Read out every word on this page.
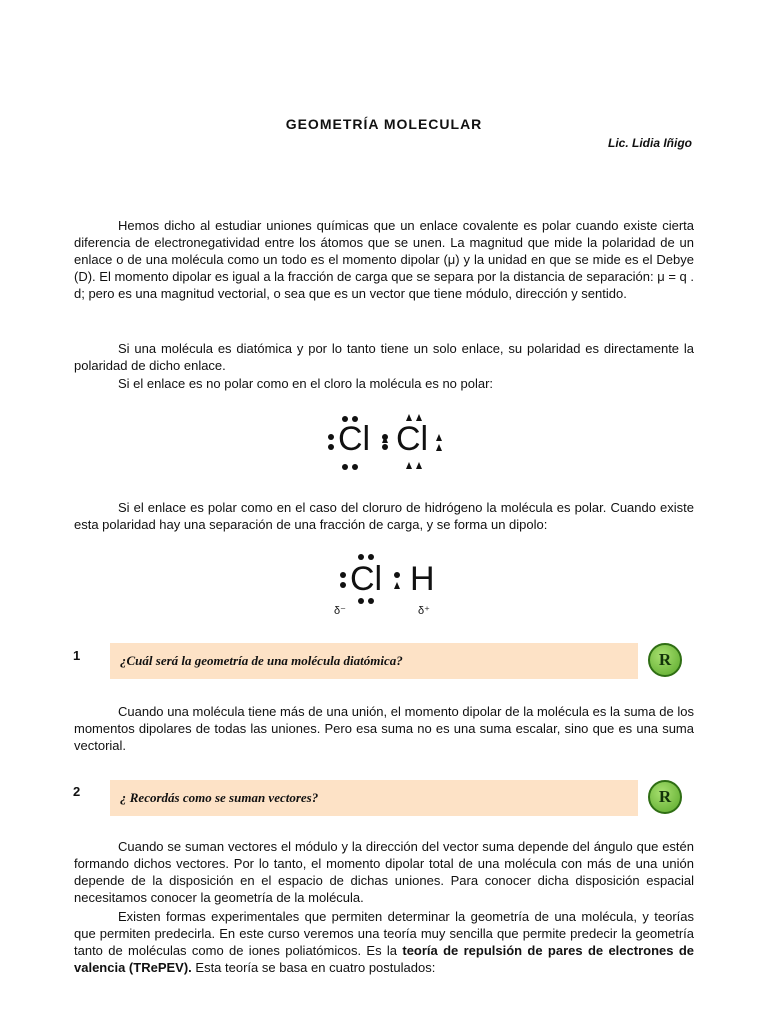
GEOMETRÍA MOLECULAR
Lic. Lidia Iñigo

Hemos dicho al estudiar uniones químicas que un enlace covalente es polar cuando existe cierta diferencia de electronegatividad entre los átomos que se unen. La magnitud que mide la polaridad de un enlace o de una molécula como un todo es el momento dipolar (μ) y la unidad en que se mide es el Debye (D). El momento dipolar es igual a la fracción de carga que se separa por la distancia de separación: μ = q . d; pero es una magnitud vectorial, o sea que es un vector que tiene módulo, dirección y sentido.

Si una molécula es diatómica y por lo tanto tiene un solo enlace, su polaridad es directamente la polaridad de dicho enlace.

Si el enlace es no polar como en el cloro la molécula es no polar:

Cl Cl

Si el enlace es polar como en el caso del cloruro de hidrógeno la molécula es polar. Cuando existe esta polaridad hay una separación de una fracción de carga, y se forma un dipolo:

Cl H
δ⁻	δ⁺
1	¿Cuál será la geometría de una molécula diatómica?	R

Cuando una molécula tiene más de una unión, el momento dipolar de la molécula es la suma de los momentos dipolares de todas las uniones. Pero esa suma no es una suma escalar, sino que es una suma vectorial.

2	¿ Recordás como se suman vectores?	R

Cuando se suman vectores el módulo y la dirección del vector suma depende del ángulo que estén formando dichos vectores. Por lo tanto, el momento dipolar total de una molécula con más de una unión depende de la disposición en el espacio de dichas uniones. Para conocer dicha disposición espacial necesitamos conocer la geometría de la molécula.

Existen formas experimentales que permiten determinar la geometría de una molécula, y teorías que permiten predecirla. En este curso veremos una teoría muy sencilla que permite predecir la geometría tanto de moléculas como de iones poliatómicos. Es la teoría de repulsión de pares de electrones de valencia (TRePEV). Esta teoría se basa en cuatro postulados:
